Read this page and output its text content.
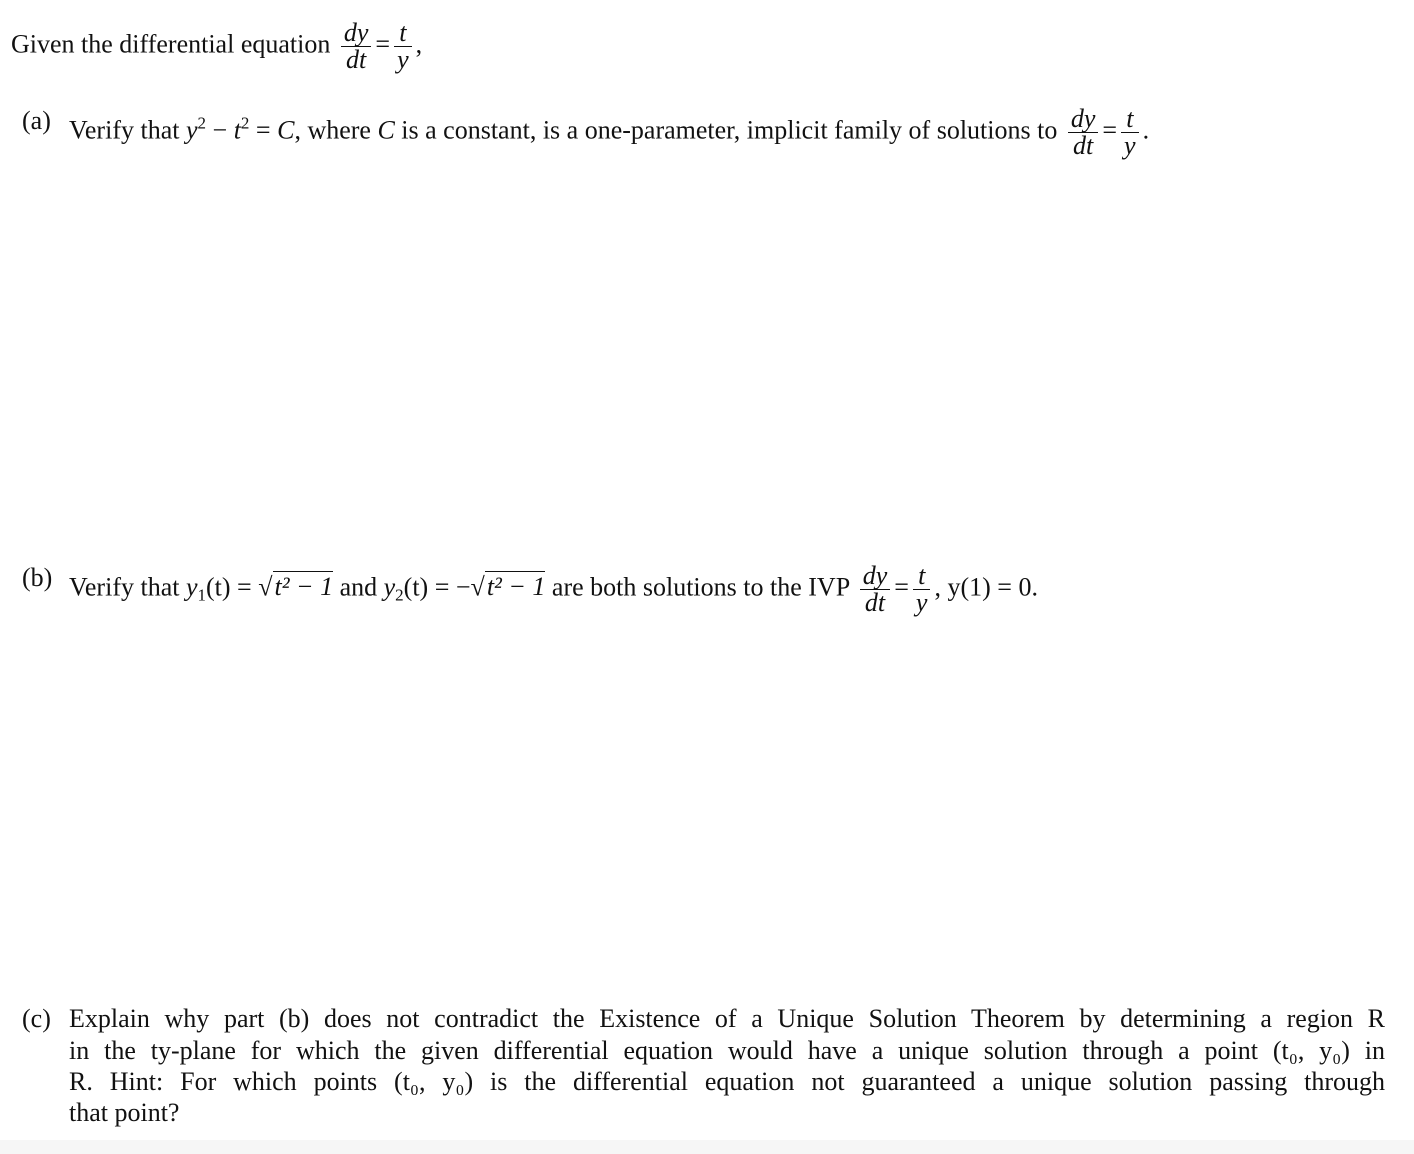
Given the differential equation $\frac{dy}{dt} = \frac{t}{y}$ ,
(a) Verify that $y^2 - t^2 = C$, where C is a constant, is a one-parameter, implicit family of solutions to $\frac{dy}{dt} = \frac{t}{y}$ .
(b) Verify that $y_1(t) = √t^2 - 1$ and $y_2(t) = -√t^2 - 1$ are both solutions to the IVP $\frac{dy}{dt} = \frac{t}{y}$ , y(1) = 0.
(c) Explain why part (b) does not contradict the Existence of a Unique Solution Theorem by determining a region R
in the ty-plane for which the given differential equation would have a unique solution through a point (t₀, y₀) in
R. Hint: For which points (t₀, y₀) is the differential equation not guaranteed a unique solution passing through
that point?
